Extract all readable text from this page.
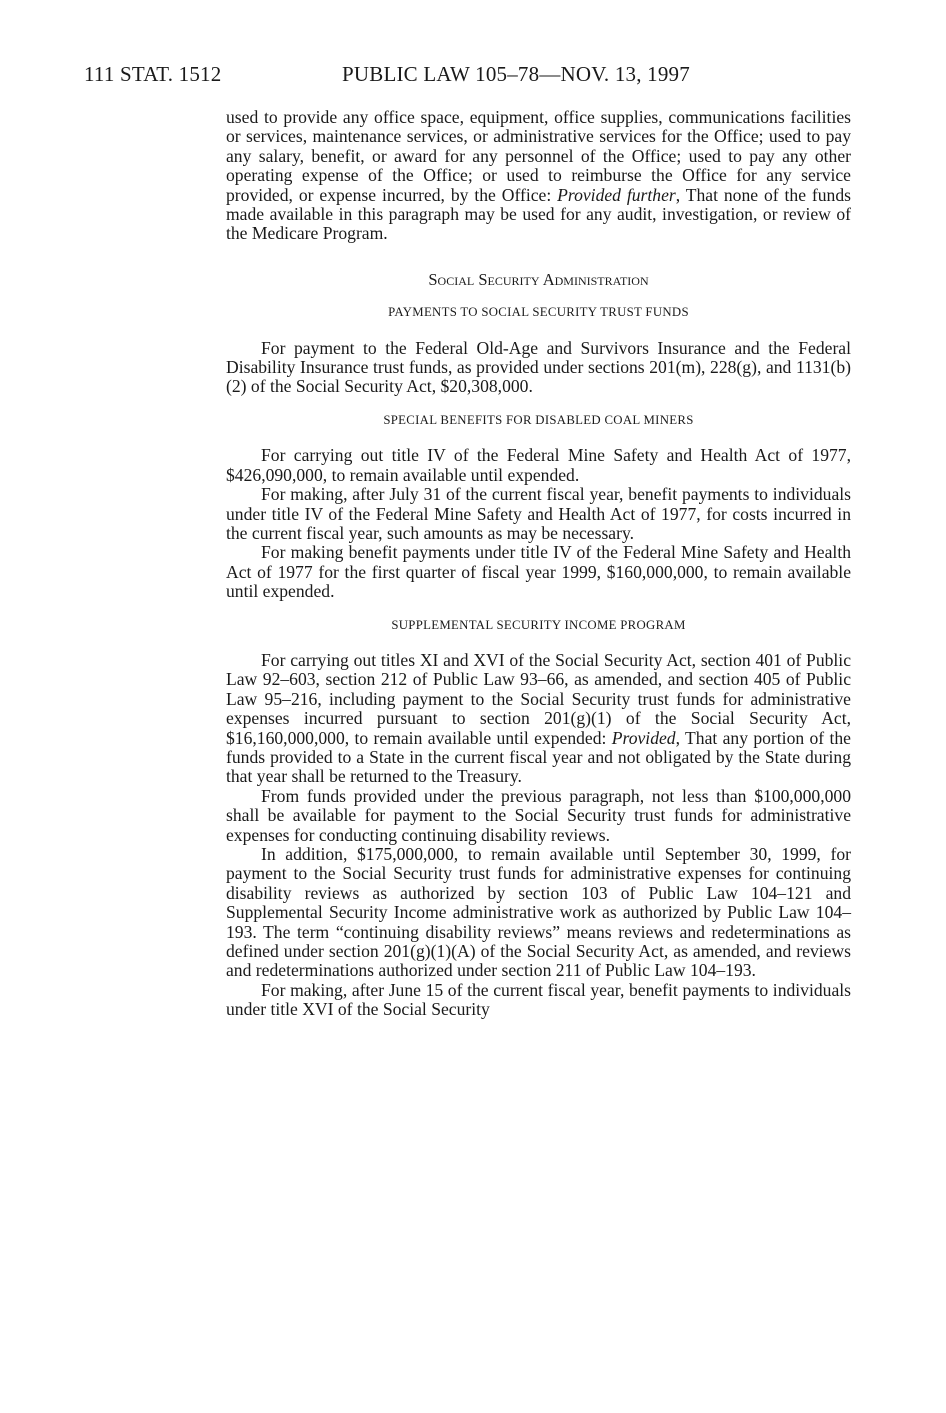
111 STAT. 1512	PUBLIC LAW 105–78—NOV. 13, 1997

used to provide any office space, equipment, office supplies, communications facilities or services, maintenance services, or administrative services for the Office; used to pay any salary, benefit, or award for any personnel of the Office; used to pay any other operating expense of the Office; or used to reimburse the Office for any service provided, or expense incurred, by the Office: Provided further, That none of the funds made available in this paragraph may be used for any audit, investigation, or review of the Medicare Program.

Social Security Administration
PAYMENTS TO SOCIAL SECURITY TRUST FUNDS

For payment to the Federal Old-Age and Survivors Insurance and the Federal Disability Insurance trust funds, as provided under sections 201(m), 228(g), and 1131(b)(2) of the Social Security Act, $20,308,000.

SPECIAL BENEFITS FOR DISABLED COAL MINERS

For carrying out title IV of the Federal Mine Safety and Health Act of 1977, $426,090,000, to remain available until expended.

For making, after July 31 of the current fiscal year, benefit payments to individuals under title IV of the Federal Mine Safety and Health Act of 1977, for costs incurred in the current fiscal year, such amounts as may be necessary.

For making benefit payments under title IV of the Federal Mine Safety and Health Act of 1977 for the first quarter of fiscal year 1999, $160,000,000, to remain available until expended.

SUPPLEMENTAL SECURITY INCOME PROGRAM

For carrying out titles XI and XVI of the Social Security Act, section 401 of Public Law 92–603, section 212 of Public Law 93–66, as amended, and section 405 of Public Law 95–216, including payment to the Social Security trust funds for administrative expenses incurred pursuant to section 201(g)(1) of the Social Security Act, $16,160,000,000, to remain available until expended: Provided, That any portion of the funds provided to a State in the current fiscal year and not obligated by the State during that year shall be returned to the Treasury.

From funds provided under the previous paragraph, not less than $100,000,000 shall be available for payment to the Social Security trust funds for administrative expenses for conducting continuing disability reviews.

In addition, $175,000,000, to remain available until September 30, 1999, for payment to the Social Security trust funds for administrative expenses for continuing disability reviews as authorized by section 103 of Public Law 104–121 and Supplemental Security Income administrative work as authorized by Public Law 104–193. The term “continuing disability reviews” means reviews and redeterminations as defined under section 201(g)(1)(A) of the Social Security Act, as amended, and reviews and redeterminations authorized under section 211 of Public Law 104–193.

For making, after June 15 of the current fiscal year, benefit payments to individuals under title XVI of the Social Security
